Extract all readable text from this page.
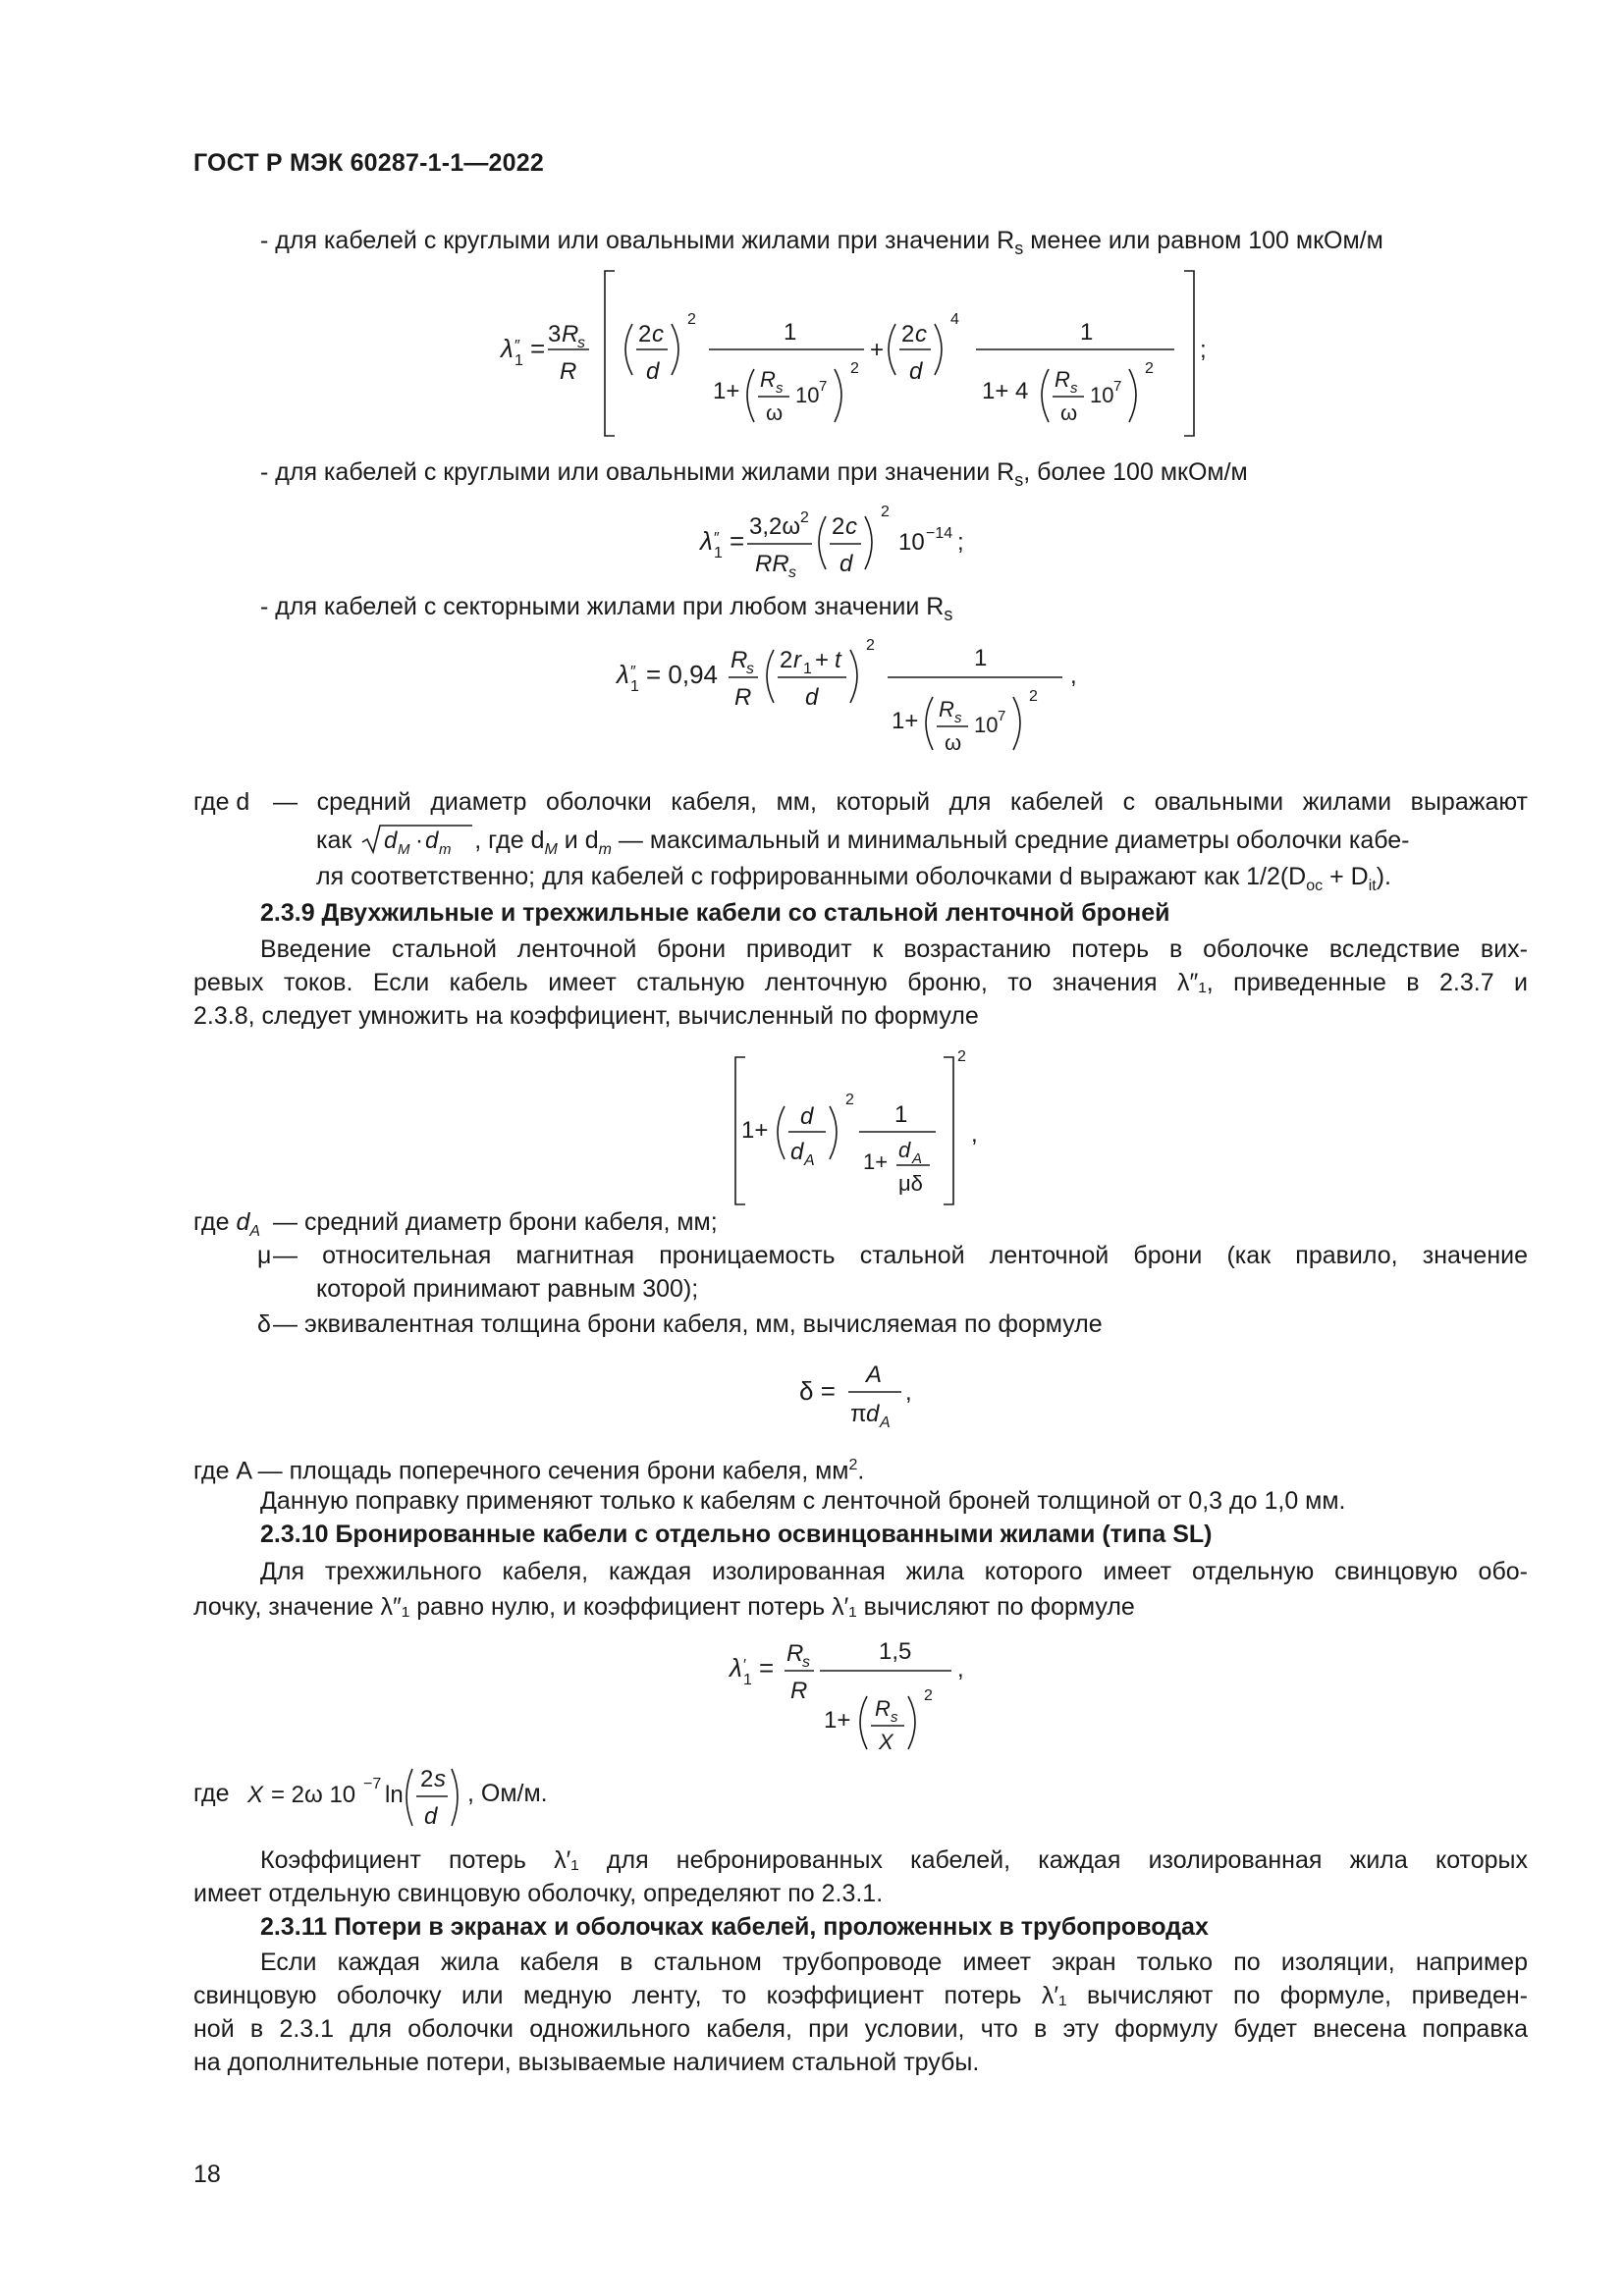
ГОСТ Р МЭК 60287-1-1—2022
- для кабелей с круглыми или овальными жилами при значении $R_s$ менее или равном 100 мкОм/м
λ ″
1 = 3 R
s
R
2 c
d
2	1
1+ R s
ω
10 7
2
+
2 c
d
4	1
1+ 4 R s
ω
10 7
2
;
- для кабелей с круглыми или овальными жилами при значении $R_s$, более 100 мкОм/м
λ ″
1 = 3,2ω 2
RR s
2 c
d
2
10 −14 ;
- для кабелей с секторными жилами при любом значении $R_s$
λ ″
1 = 0,94 R
s
R
2 r 1 + t
d
2	1
1+ R s
ω
10 7
2
,
где d — средний диаметр оболочки кабеля, мм, который для кабелей с овальными жилами выражают
как d M · d m , где $d_M$ и $d_m$ — максимальный и минимальный средние диаметры оболочки кабе-
ля соответственно; для кабелей с гофрированными оболочками d выражают как $1/2(D_{oc} + D_{it})$.
2.3.9 Двухжильные и трехжильные кабели со стальной ленточной броней
Введение стальной ленточной брони приводит к возрастанию потерь в оболочке вследствие вих-
ревых токов. Если кабель имеет стальную ленточную броню, то значения λ″₁, приведенные в 2.3.7 и
2.3.8, следует умножить на коэффициент, вычисленный по формуле
1+
d
d A
2
1
1+ d A
μδ
2
,
где $d_A$ — средний диаметр брони кабеля, мм;
μ — относительная магнитная проницаемость стальной ленточной брони (как правило, значение
которой принимают равным 300);
δ — эквивалентная толщина брони кабеля, мм, вычисляемая по формуле
δ =
A
π d A
,
где A — площадь поперечного сечения брони кабеля, $мм^2$.
Данную поправку применяют только к кабелям с ленточной броней толщиной от 0,3 до 1,0 мм.
2.3.10 Бронированные кабели с отдельно освинцованными жилами (типа SL)
Для трехжильного кабеля, каждая изолированная жила которого имеет отдельную свинцовую обо-
лочку, значение λ″₁ равно нулю, и коэффициент потерь λ′₁ вычисляют по формуле
λ ′
1 = R
s
R
1,5
1+ R s
X
2
,
где X = 2ω 10 −7 ln
2 s
d
, Ом/м.
Коэффициент потерь λ′₁ для небронированных кабелей, каждая изолированная жила которых
имеет отдельную свинцовую оболочку, определяют по 2.3.1.
2.3.11 Потери в экранах и оболочках кабелей, проложенных в трубопроводах
Если каждая жила кабеля в стальном трубопроводе имеет экран только по изоляции, например
свинцовую оболочку или медную ленту, то коэффициент потерь λ′₁ вычисляют по формуле, приведен-
ной в 2.3.1 для оболочки одножильного кабеля, при условии, что в эту формулу будет внесена поправка
на дополнительные потери, вызываемые наличием стальной трубы.
18
